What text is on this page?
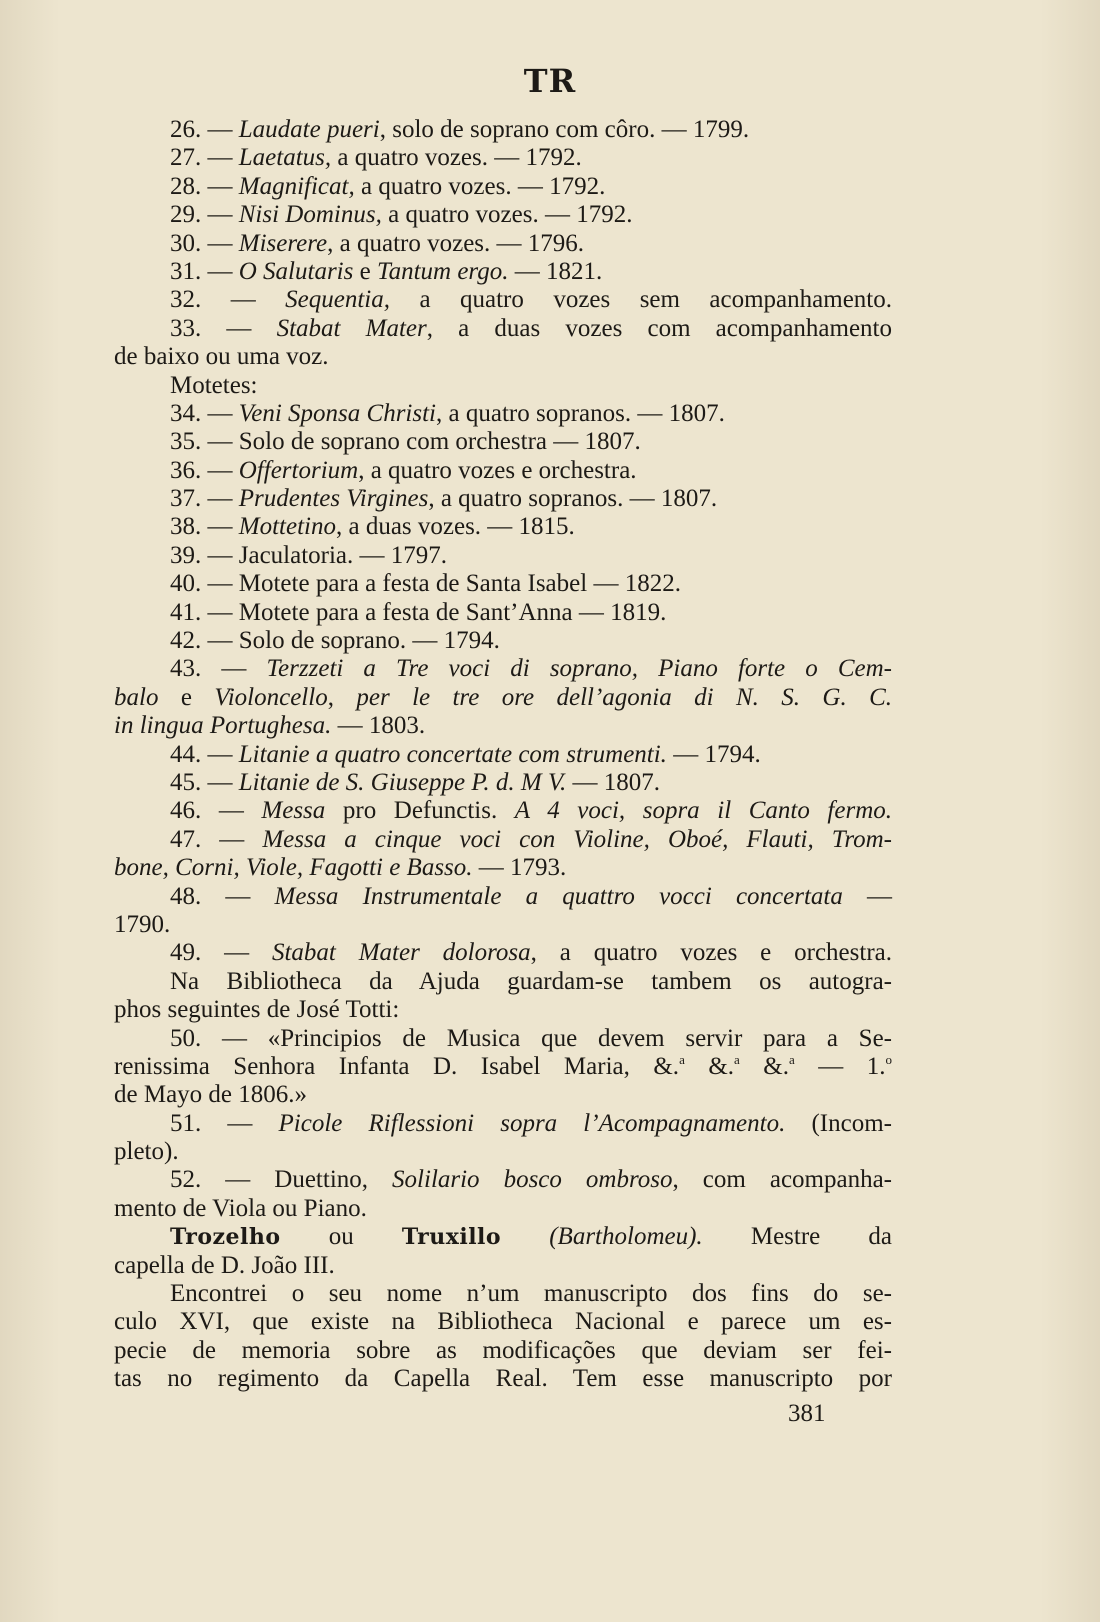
TR
26. — Laudate pueri, solo de soprano com côro. — 1799.
27. — Laetatus, a quatro vozes. — 1792.
28. — Magnificat, a quatro vozes. — 1792.
29. — Nisi Dominus, a quatro vozes. — 1792.
30. — Miserere, a quatro vozes. — 1796.
31. — O Salutaris e Tantum ergo. — 1821.
32. — Sequentia, a quatro vozes sem acompanhamento.
33. — Stabat Mater, a duas vozes com acompanhamento
de baixo ou uma voz.
Motetes:
34. — Veni Sponsa Christi, a quatro sopranos. — 1807.
35. — Solo de soprano com orchestra — 1807.
36. — Offertorium, a quatro vozes e orchestra.
37. — Prudentes Virgines, a quatro sopranos. — 1807.
38. — Mottetino, a duas vozes. — 1815.
39. — Jaculatoria. — 1797.
40. — Motete para a festa de Santa Isabel — 1822.
41. — Motete para a festa de Sant’Anna — 1819.
42. — Solo de soprano. — 1794.
43. — Terzzeti a Tre voci di soprano, Piano forte o Cem-
balo e Violoncello, per le tre ore dell’agonia di N. S. G. C.
in lingua Portughesa. — 1803.
44. — Litanie a quatro concertate com strumenti. — 1794.
45. — Litanie de S. Giuseppe P. d. M V. — 1807.
46. — Messa pro Defunctis. A 4 voci, sopra il Canto fermo.
47. — Messa a cinque voci con Violine, Oboé, Flauti, Trom-
bone, Corni, Viole, Fagotti e Basso. — 1793.
48. — Messa Instrumentale a quattro vocci concertata —
1790.
49. — Stabat Mater dolorosa, a quatro vozes e orchestra.
Na Bibliotheca da Ajuda guardam-se tambem os autogra-
phos seguintes de José Totti:
50. — «Principios de Musica que devem servir para a Se-
renissima Senhora Infanta D. Isabel Maria, &.$^a$ &.$^a$ &.$^a$ — 1.$^o$
de Mayo de 1806.»
51. — Picole Riflessioni sopra l’Acompagnamento. (Incom-
pleto).
52. — Duettino, Solilario bosco ombroso, com acompanha-
mento de Viola ou Piano.
Trozelho ou Truxillo (Bartholomeu). Mestre da
capella de D. João III.
Encontrei o seu nome n’um manuscripto dos fins do se-
culo XVI, que existe na Bibliotheca Nacional e parece um es-
pecie de memoria sobre as modificações que deviam ser fei-
tas no regimento da Capella Real. Tem esse manuscripto por
381
